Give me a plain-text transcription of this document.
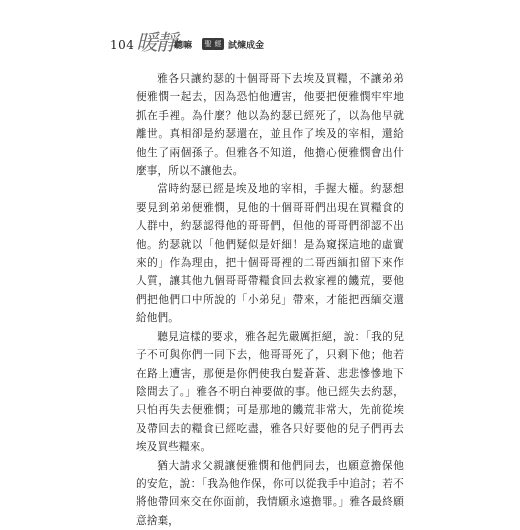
104 暖靜
聽嘛	聖 經 試煉成金

雅各只讓約瑟的十個哥哥下去埃及買糧，不讓弟弟便雅憫一起去，因為恐怕他遭害，他要把便雅憫牢牢地抓在手裡。為什麼？他以為約瑟已經死了，以為他早就離世。真相卻是約瑟還在，並且作了埃及的宰相，還給他生了兩個孫子。但雅各不知道，他擔心便雅憫會出什麼事，所以不讓他去。

當時約瑟已經是埃及地的宰相，手握大權。約瑟想要見到弟弟便雅憫，見他的十個哥哥們出現在買糧食的人群中，約瑟認得他的哥哥們，但他的哥哥們卻認不出他。約瑟就以「他們疑似是奸細！是為窺探這地的虛實來的」作為理由，把十個哥哥裡的二哥西緬扣留下來作人質，讓其他九個哥哥帶糧食回去救家裡的饑荒，要他們把他們口中所說的「小弟兒」帶來，才能把西緬交還給他們。

聽見這樣的要求，雅各起先嚴厲拒絕，說：「我的兒子不可與你們一同下去，他哥哥死了，只剩下他；他若在路上遭害，那便是你們使我白髮蒼蒼、悲悲慘慘地下陰間去了。」雅各不明白神要做的事。他已經失去約瑟，只怕再失去便雅憫；可是那地的饑荒非常大，先前從埃及帶回去的糧食已經吃盡，雅各只好要他的兒子們再去埃及買些糧來。

猶大請求父親讓便雅憫和他們同去，也願意擔保他的安危，說：「我為他作保，你可以從我手中追討；若不將他帶回來交在你面前，我情願永遠擔罪。」雅各最終願意捨棄，
